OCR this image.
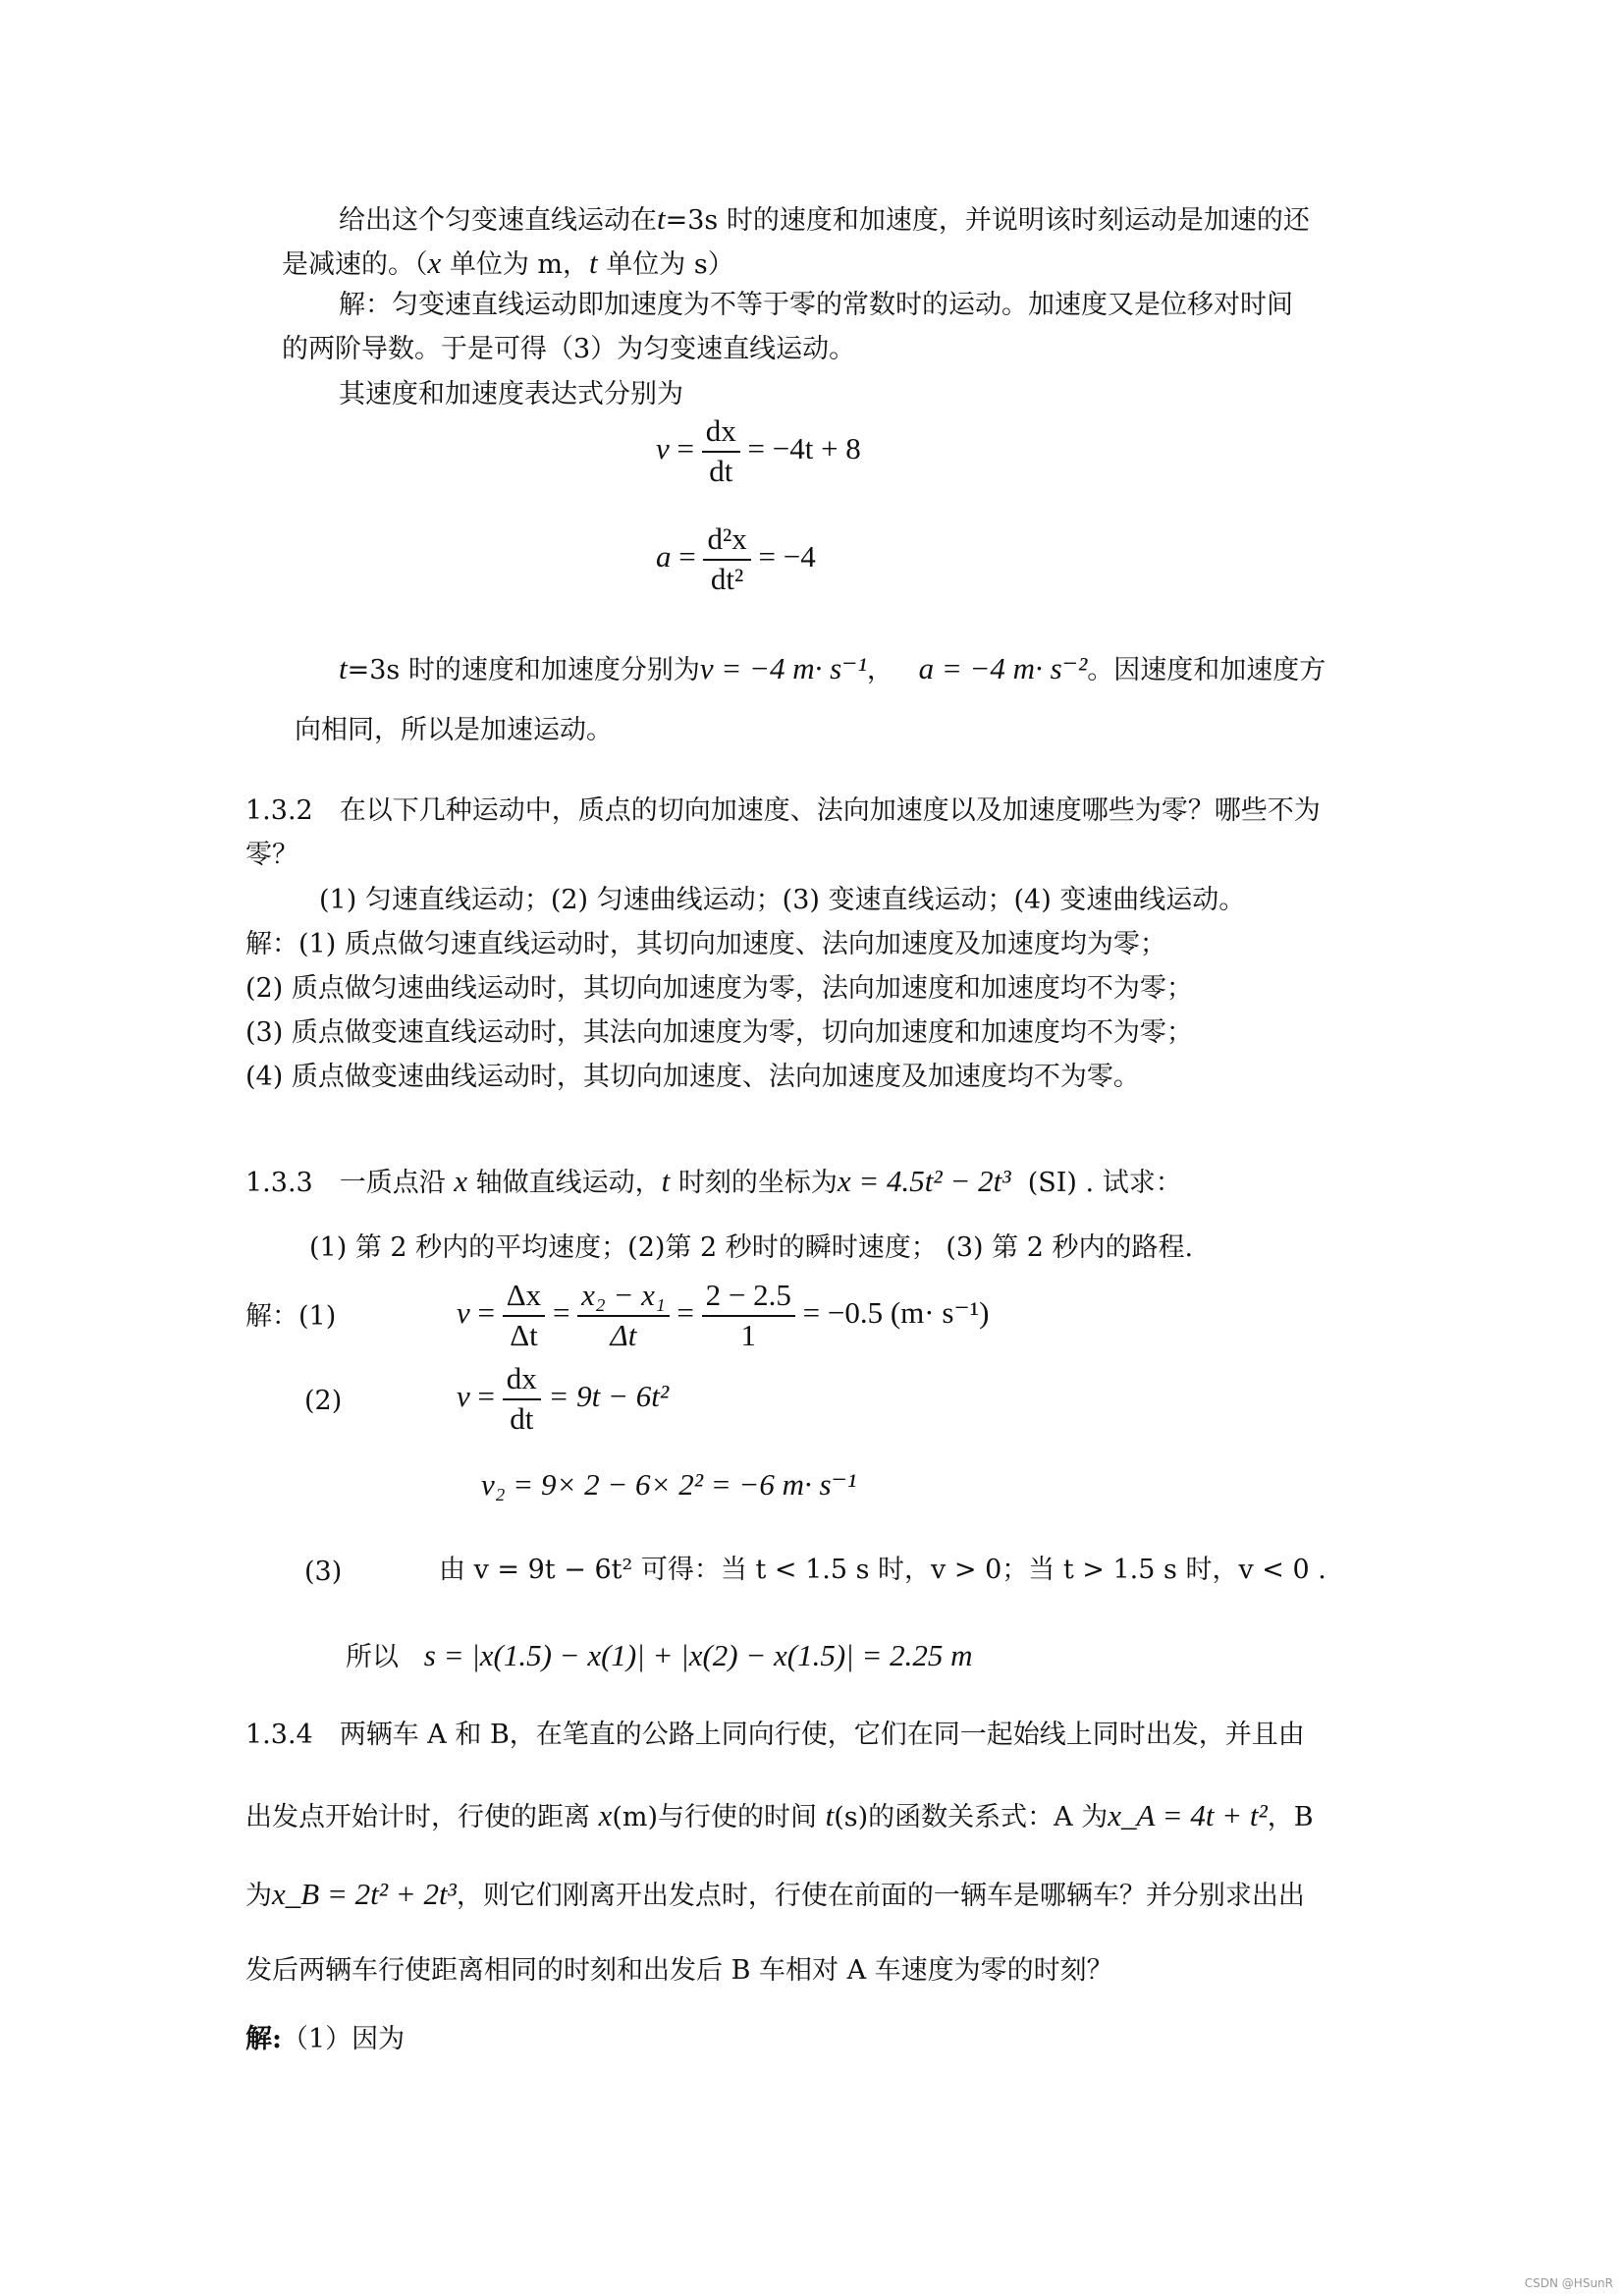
给出这个匀变速直线运动在t=3s 时的速度和加速度，并说明该时刻运动是加速的还
是减速的。（x 单位为 m，t 单位为 s）
解：匀变速直线运动即加速度为不等于零的常数时的运动。加速度又是位移对时间
的两阶导数。于是可得（3）为匀变速直线运动。
其速度和加速度表达式分别为
$v = \frac{dx}{dt} = -4t + 8$
$a = \frac{\text{d²x}}{\text{dt²}} = -4$
t=3s 时的速度和加速度分别为v = −4 m· s⁻¹，   a = −4 m· s⁻²。因速度和加速度方
向相同，所以是加速运动。
1.3.2　在以下几种运动中，质点的切向加速度、法向加速度以及加速度哪些为零？哪些不为
零？
(1) 匀速直线运动；(2) 匀速曲线运动；(3) 变速直线运动；(4) 变速曲线运动。
解：(1) 质点做匀速直线运动时，其切向加速度、法向加速度及加速度均为零；
(2) 质点做匀速曲线运动时，其切向加速度为零，法向加速度和加速度均不为零；
(3) 质点做变速直线运动时，其法向加速度为零，切向加速度和加速度均不为零；
(4) 质点做变速曲线运动时，其切向加速度、法向加速度及加速度均不为零。
1.3.3　一质点沿 x 轴做直线运动，t 时刻的坐标为x = 4.5t² − 2t³ (SI) . 试求：
(1) 第 2 秒内的平均速度；(2)第 2 秒时的瞬时速度； (3) 第 2 秒内的路程.
解：(1)	$v = \frac{\Delta x}{\Delta t} = \frac{\text{x₂ − x₁}}{\Delta t} = \frac{2 - 2.5}{1} = -0.5$ (m· s⁻¹)
(2)	$v = \frac{dx}{dt} = 9t - 6t^2$
v₂ = 9× 2 − 6× 2² = −6 m· s⁻¹
(3)	由 v = 9t − 6t² 可得：当 t < 1.5 s 时，v > 0；当 t > 1.5 s 时，v < 0 .
所以 s = |x(1.5) − x(1)| + |x(2) − x(1.5)| = 2.25 m
1.3.4　两辆车 A 和 B，在笔直的公路上同向行使，它们在同一起始线上同时出发，并且由
出发点开始计时，行使的距离 x(m)与行使的时间 t(s)的函数关系式：A 为x_A = 4t + t²，B
为x_B = 2t² + 2t³，则它们刚离开出发点时，行使在前面的一辆车是哪辆车？并分别求出出
发后两辆车行使距离相同的时刻和出发后 B 车相对 A 车速度为零的时刻？
解:（1）因为
CSDN @HSunR
